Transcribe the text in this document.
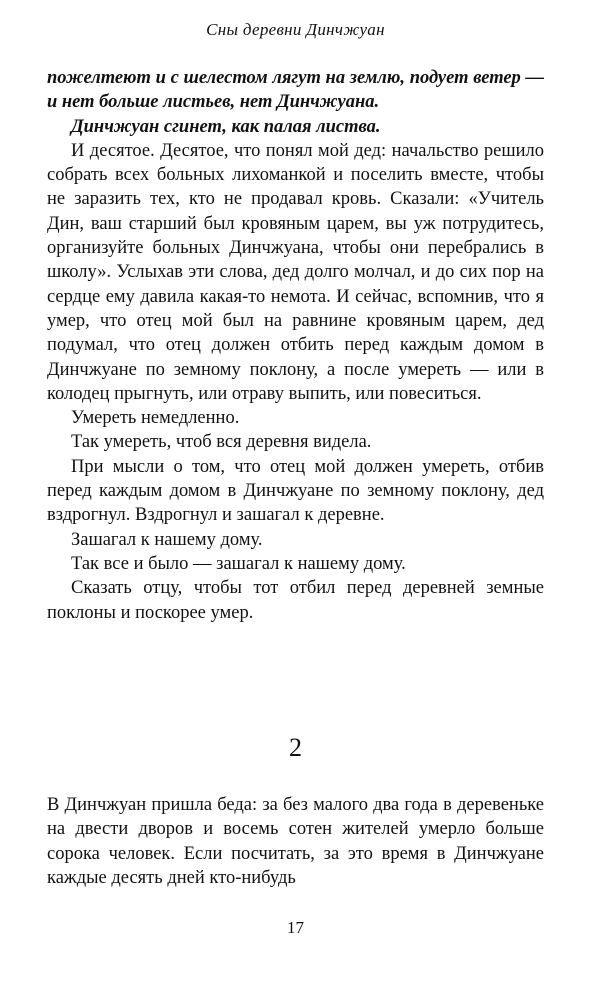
Сны деревни Динчжуан

пожелтеют и с шелестом лягут на землю, подует ветер — и нет больше листьев, нет Динчжуана.

Динчжуан сгинет, как палая листва.

И десятое. Десятое, что понял мой дед: начальство решило собрать всех больных лихоманкой и поселить вместе, чтобы не заразить тех, кто не продавал кровь. Сказали: «Учитель Дин, ваш старший был кровяным царем, вы уж потрудитесь, организуйте больных Динчжуана, чтобы они перебрались в школу». Услыхав эти слова, дед долго молчал, и до сих пор на сердце ему давила какая-то немота. И сейчас, вспомнив, что я умер, что отец мой был на равнине кровяным царем, дед подумал, что отец должен отбить перед каждым домом в Динчжуане по земному поклону, а после умереть — или в колодец прыгнуть, или отраву выпить, или повеситься.

Умереть немедленно.

Так умереть, чтоб вся деревня видела.

При мысли о том, что отец мой должен умереть, отбив перед каждым домом в Динчжуане по земному поклону, дед вздрогнул. Вздрогнул и зашагал к деревне.

Зашагал к нашему дому.

Так все и было — зашагал к нашему дому.

Сказать отцу, чтобы тот отбил перед деревней земные поклоны и поскорее умер.

2

В Динчжуан пришла беда: за без малого два года в деревеньке на двести дворов и восемь сотен жителей умерло больше сорока человек. Если посчитать, за это время в Динчжуане каждые десять дней кто-нибудь

17
